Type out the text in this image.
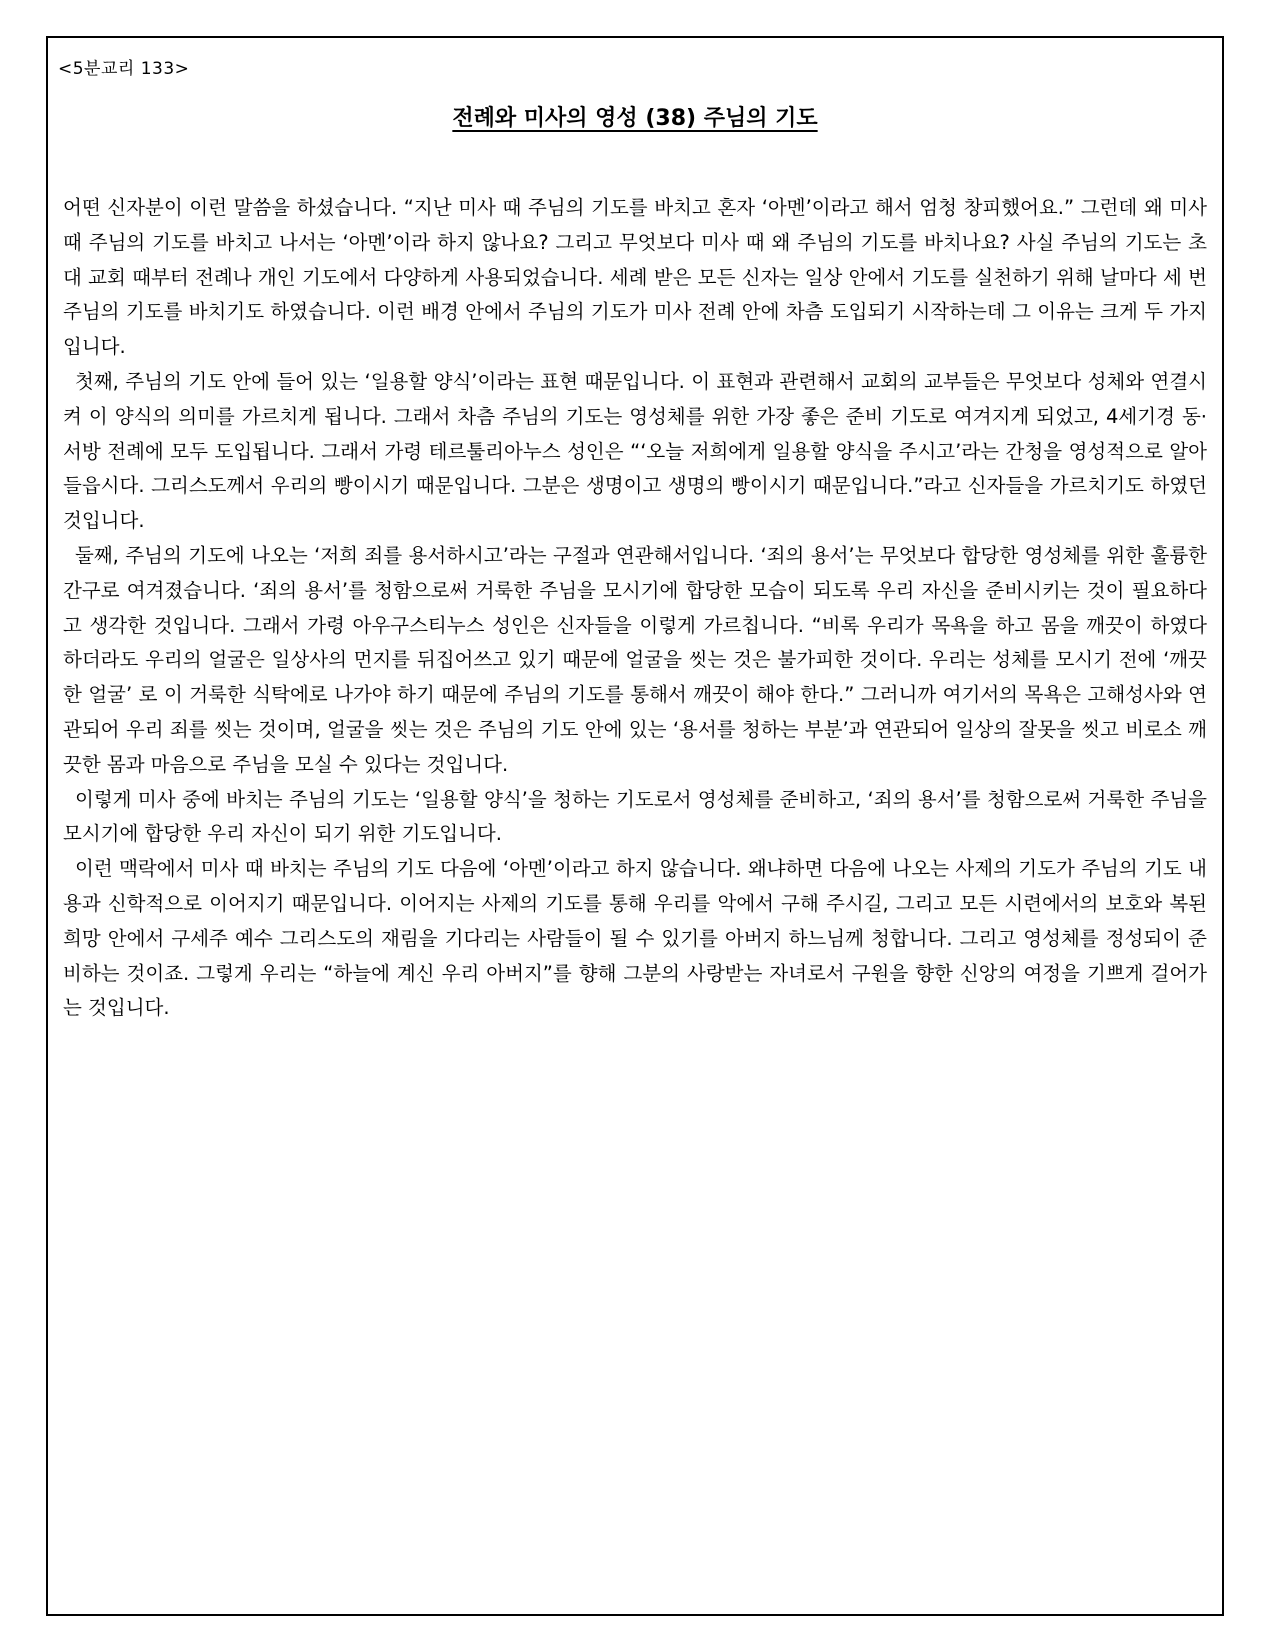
<5분교리 133>
전례와 미사의 영성 (38) 주님의 기도

어떤 신자분이 이런 말씀을 하셨습니다. “지난 미사 때 주님의 기도를 바치고 혼자 ‘아멘’이라고 해서 엄청 창피했어요.” 그런데 왜 미사 때 주님의 기도를 바치고 나서는 ‘아멘’이라 하지 않나요? 그리고 무엇보다 미사 때 왜 주님의 기도를 바치나요? 사실 주님의 기도는 초대 교회 때부터 전례나 개인 기도에서 다양하게 사용되었습니다. 세례 받은 모든 신자는 일상 안에서 기도를 실천하기 위해 날마다 세 번 주님의 기도를 바치기도 하였습니다. 이런 배경 안에서 주님의 기도가 미사 전례 안에 차츰 도입되기 시작하는데 그 이유는 크게 두 가지입니다.

첫째, 주님의 기도 안에 들어 있는 ‘일용할 양식’이라는 표현 때문입니다. 이 표현과 관련해서 교회의 교부들은 무엇보다 성체와 연결시켜 이 양식의 의미를 가르치게 됩니다. 그래서 차츰 주님의 기도는 영성체를 위한 가장 좋은 준비 기도로 여겨지게 되었고, 4세기경 동·서방 전례에 모두 도입됩니다. 그래서 가령 테르툴리아누스 성인은 “‘오늘 저희에게 일용할 양식을 주시고’라는 간청을 영성적으로 알아들읍시다. 그리스도께서 우리의 빵이시기 때문입니다. 그분은 생명이고 생명의 빵이시기 때문입니다.”라고 신자들을 가르치기도 하였던 것입니다.

둘째, 주님의 기도에 나오는 ‘저희 죄를 용서하시고’라는 구절과 연관해서입니다. ‘죄의 용서’는 무엇보다 합당한 영성체를 위한 훌륭한 간구로 여겨졌습니다. ‘죄의 용서’를 청함으로써 거룩한 주님을 모시기에 합당한 모습이 되도록 우리 자신을 준비시키는 것이 필요하다고 생각한 것입니다. 그래서 가령 아우구스티누스 성인은 신자들을 이렇게 가르칩니다. “비록 우리가 목욕을 하고 몸을 깨끗이 하였다 하더라도 우리의 얼굴은 일상사의 먼지를 뒤집어쓰고 있기 때문에 얼굴을 씻는 것은 불가피한 것이다. 우리는 성체를 모시기 전에 ‘깨끗한 얼굴’ 로 이 거룩한 식탁에로 나가야 하기 때문에 주님의 기도를 통해서 깨끗이 해야 한다.” 그러니까 여기서의 목욕은 고해성사와 연관되어 우리 죄를 씻는 것이며, 얼굴을 씻는 것은 주님의 기도 안에 있는 ‘용서를 청하는 부분’과 연관되어 일상의 잘못을 씻고 비로소 깨끗한 몸과 마음으로 주님을 모실 수 있다는 것입니다.

이렇게 미사 중에 바치는 주님의 기도는 ‘일용할 양식’을 청하는 기도로서 영성체를 준비하고, ‘죄의 용서’를 청함으로써 거룩한 주님을 모시기에 합당한 우리 자신이 되기 위한 기도입니다.

이런 맥락에서 미사 때 바치는 주님의 기도 다음에 ‘아멘’이라고 하지 않습니다. 왜냐하면 다음에 나오는 사제의 기도가 주님의 기도 내용과 신학적으로 이어지기 때문입니다. 이어지는 사제의 기도를 통해 우리를 악에서 구해 주시길, 그리고 모든 시련에서의 보호와 복된 희망 안에서 구세주 예수 그리스도의 재림을 기다리는 사람들이 될 수 있기를 아버지 하느님께 청합니다. 그리고 영성체를 정성되이 준비하는 것이죠. 그렇게 우리는 “하늘에 계신 우리 아버지”를 향해 그분의 사랑받는 자녀로서 구원을 향한 신앙의 여정을 기쁘게 걸어가는 것입니다.
